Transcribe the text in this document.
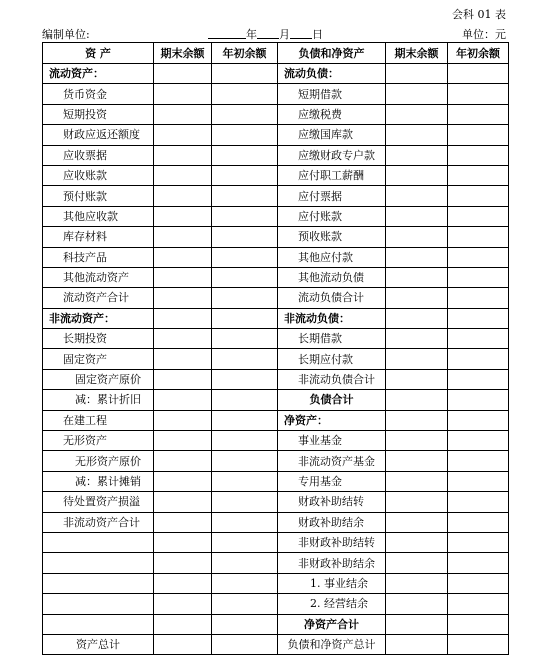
会科 01 表
编制单位:	年 月 日	单位：元
资 产	期末余额	年初余额	负债和净资产	期末余额	年初余额
流动资产：			流动负债：		
货币资金			短期借款		
短期投资			应缴税费		
财政应返还额度			应缴国库款		
应收票据			应缴财政专户款		
应收账款			应付职工薪酬		
预付账款			应付票据		
其他应收款			应付账款		
库存材料			预收账款		
科技产品			其他应付款		
其他流动资产			其他流动负债		
流动资产合计			流动负债合计		
非流动资产：			非流动负债：		
长期投资			长期借款		
固定资产			长期应付款		
固定资产原价			非流动负债合计		
减：累计折旧			负债合计		
在建工程			净资产：		
无形资产			事业基金		
无形资产原价			非流动资产基金		
减：累计摊销			专用基金		
待处置资产损溢			财政补助结转		
非流动资产合计			财政补助结余		
			非财政补助结转		
			非财政补助结余		
			1. 事业结余		
			2. 经营结余		
			净资产合计		
资产总计			负债和净资产总计		
